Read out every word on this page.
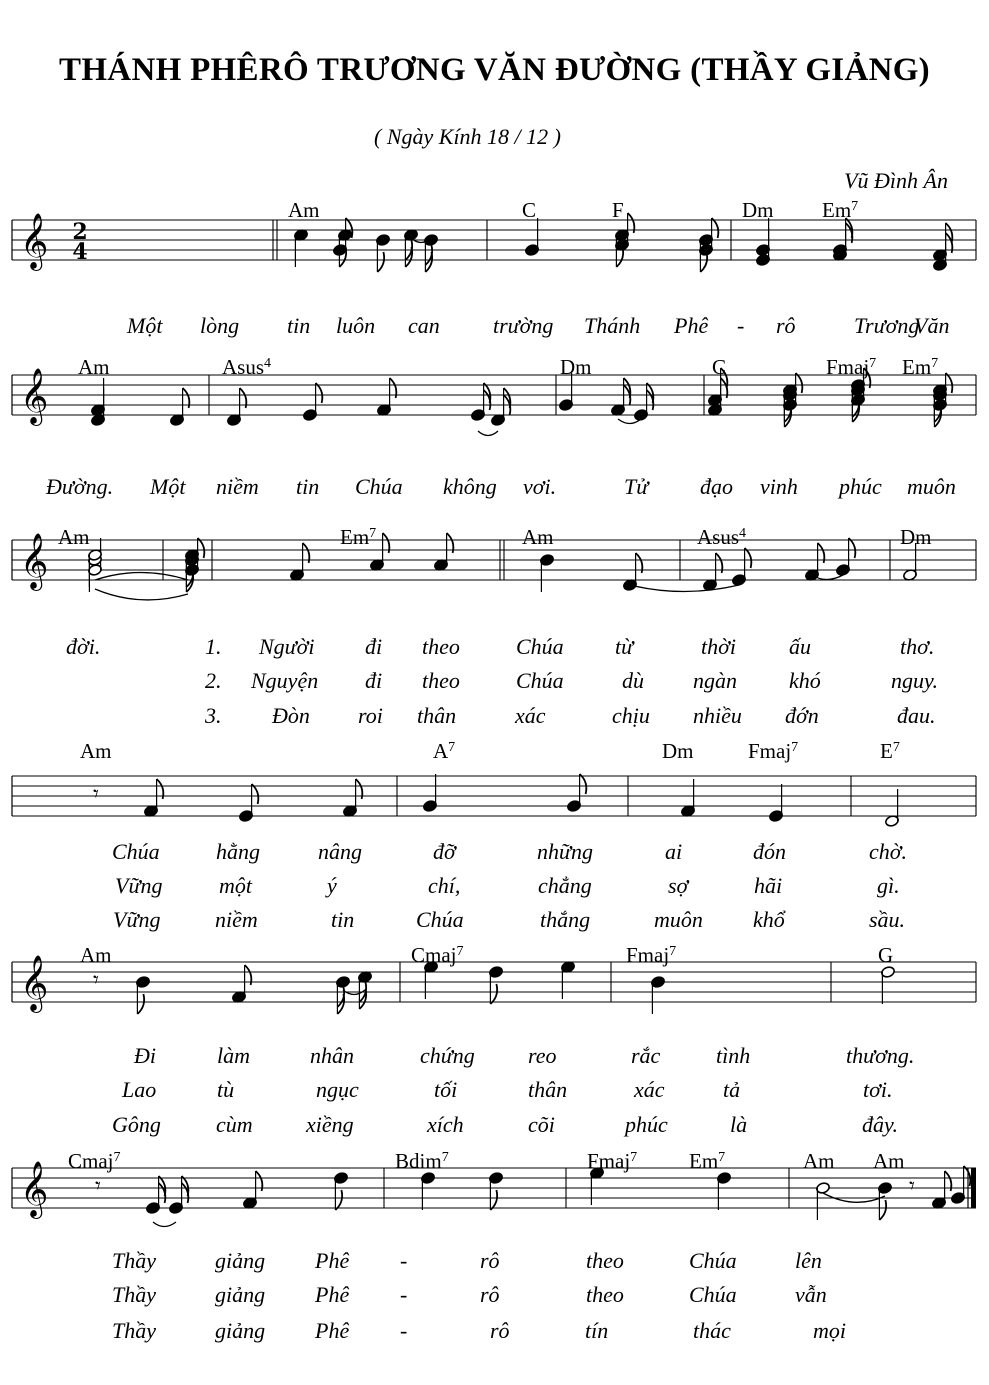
THÁNH PHÊRÔ TRƯƠNG VĂN ĐƯỜNG (THẦY GIẢNG)
( Ngày Kính 18 / 12 )
Vũ Đình Ân
𝄞 2
4
Am	C	F	Dm Em$^7$
Một lòng tin luôn can trường Thánh Phê - rô	Trương
Văn
𝄞
Am	Asus$^4$	Dm	C	Fmaj$^7$ Em$^7$
Đường. Một niềm tin Chúa không vơi.	Tử đạo vinh phúc muôn
𝄞 Am	Em$^7$	Am	Asus$^4$	Dm
đời.	1. Người đi theo	Chúa từ	thời ấu	thơ.
2. Nguyện đi theo	Chúa	dù ngàn khó	nguy.
3. Đòn roi thân	xác	chịu nhiều đớn	đau.
𝄾
Am	$A^7$	Dm	Fmaj$^7$	$E^7$
Chúa	hằng	nâng	đỡ	những	ai	đón	chờ.
Vững	một	ý	chí,	chẳng	sợ	hãi	gì.
Vững niềm	tin	Chúa	thắng	muôn khổ	sầu.
𝄞 𝄾
Am	Cmaj$^7$	Fmaj$^7$	G
Đi	làm	nhân	chứng reo	rắc	tình	thương.
Lao	tù	ngục	tối	thân	xác	tả	tơi.
Gông	cùm xiềng	xích	cõi	phúc	là	đây.
𝄞 𝄾	𝄾
Cmaj$^7$	Bdim$^7$	Fmaj$^7$ Em$^7$	Am Am
Thầy	giảng Phê -	rô	theo	Chúa	lên
Thầy	giảng Phê -	rô	theo	Chúa	vẫn
Thầy	giảng Phê -	rô	tín	thác	mọi
